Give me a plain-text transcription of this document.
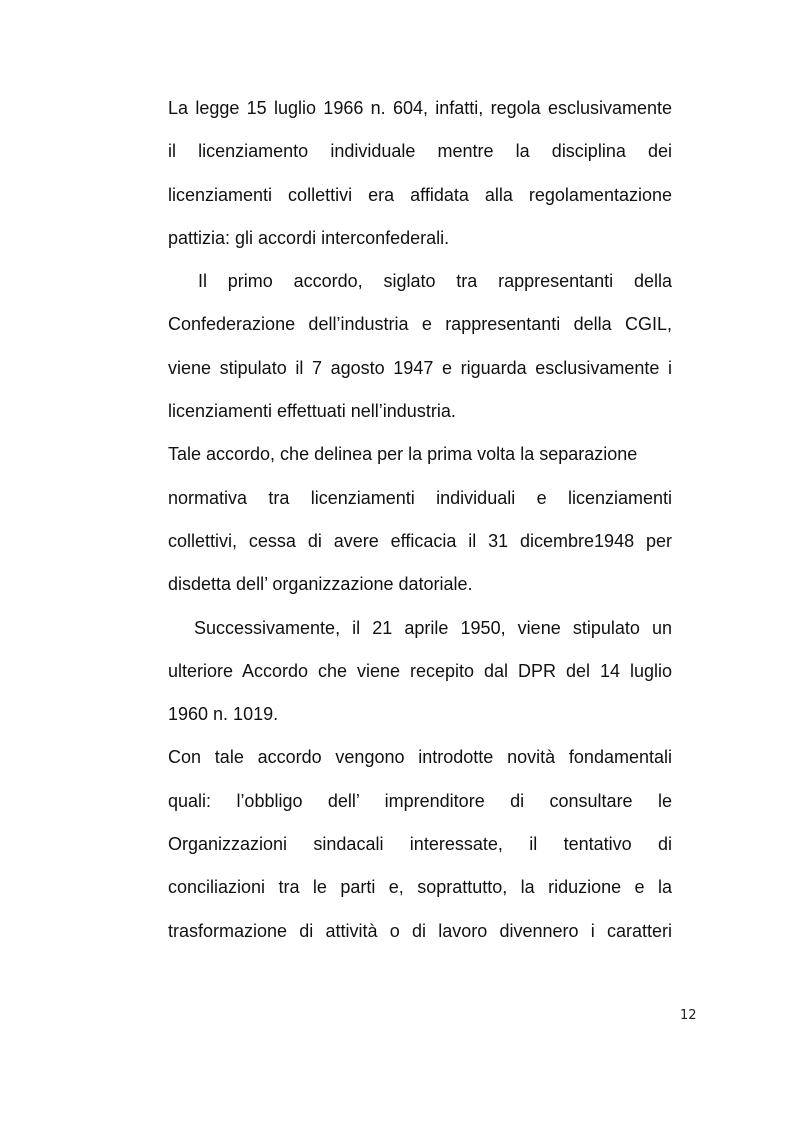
La legge 15 luglio 1966 n. 604, infatti, regola esclusivamente
il licenziamento individuale mentre la disciplina dei
licenziamenti collettivi era affidata alla regolamentazione
pattizia: gli accordi interconfederali.
Il primo accordo, siglato tra rappresentanti della
Confederazione dell’industria e rappresentanti della CGIL,
viene stipulato il 7 agosto 1947 e riguarda esclusivamente i
licenziamenti effettuati nell’industria.
Tale accordo, che delinea per la prima volta la separazione
normativa tra licenziamenti individuali e licenziamenti
collettivi, cessa di avere efficacia il 31 dicembre1948 per
disdetta dell’ organizzazione datoriale.
Successivamente, il 21 aprile 1950, viene stipulato un
ulteriore Accordo che viene recepito dal DPR del 14 luglio
1960 n. 1019.
Con tale accordo vengono introdotte novità fondamentali
quali: l’obbligo dell’ imprenditore di consultare le
Organizzazioni sindacali interessate, il tentativo di
conciliazioni tra le parti e, soprattutto, la riduzione e la
trasformazione di attività o di lavoro divennero i caratteri
12
